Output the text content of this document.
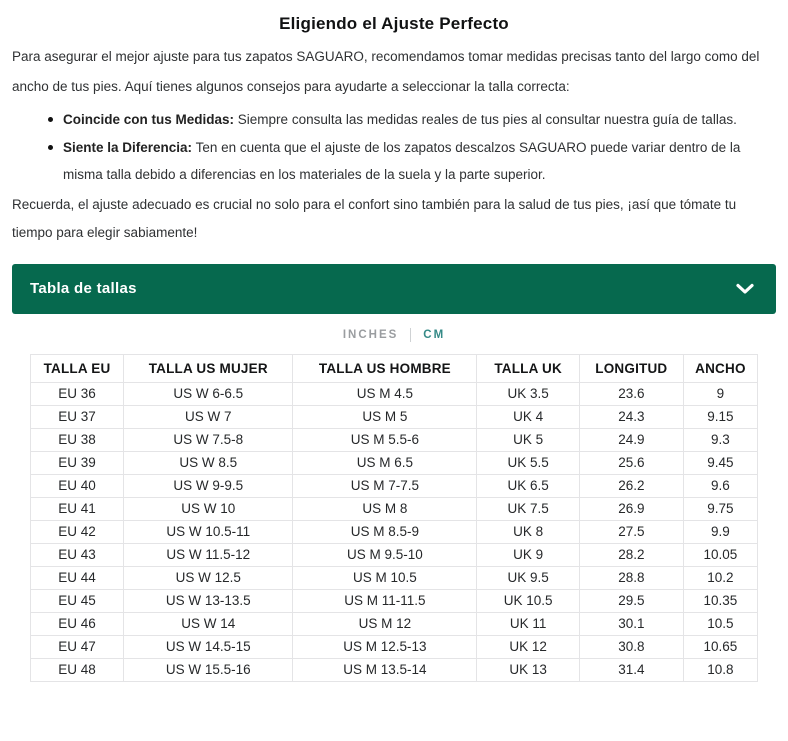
Eligiendo el Ajuste Perfecto

Para asegurar el mejor ajuste para tus zapatos SAGUARO, recomendamos tomar medidas precisas tanto del largo como del ancho de tus pies. Aquí tienes algunos consejos para ayudarte a seleccionar la talla correcta:

Coincide con tus Medidas: Siempre consulta las medidas reales de tus pies al consultar nuestra guía de tallas.
Siente la Diferencia: Ten en cuenta que el ajuste de los zapatos descalzos SAGUARO puede variar dentro de la misma talla debido a diferencias en los materiales de la suela y la parte superior.

Recuerda, el ajuste adecuado es crucial no solo para el confort sino también para la salud de tus pies, ¡así que tómate tu tiempo para elegir sabiamente!

Tabla de tallas
INCHES CM
TALLA EU	TALLA US MUJER	TALLA US HOMBRE	TALLA UK	LONGITUD	ANCHO
EU 36	US W 6-6.5	US M 4.5	UK 3.5	23.6	9
EU 37	US W 7	US M 5	UK 4	24.3	9.15
EU 38	US W 7.5-8	US M 5.5-6	UK 5	24.9	9.3
EU 39	US W 8.5	US M 6.5	UK 5.5	25.6	9.45
EU 40	US W 9-9.5	US M 7-7.5	UK 6.5	26.2	9.6
EU 41	US W 10	US M 8	UK 7.5	26.9	9.75
EU 42	US W 10.5-11	US M 8.5-9	UK 8	27.5	9.9
EU 43	US W 11.5-12	US M 9.5-10	UK 9	28.2	10.05
EU 44	US W 12.5	US M 10.5	UK 9.5	28.8	10.2
EU 45	US W 13-13.5	US M 11-11.5	UK 10.5	29.5	10.35
EU 46	US W 14	US M 12	UK 11	30.1	10.5
EU 47	US W 14.5-15	US M 12.5-13	UK 12	30.8	10.65
EU 48	US W 15.5-16	US M 13.5-14	UK 13	31.4	10.8
